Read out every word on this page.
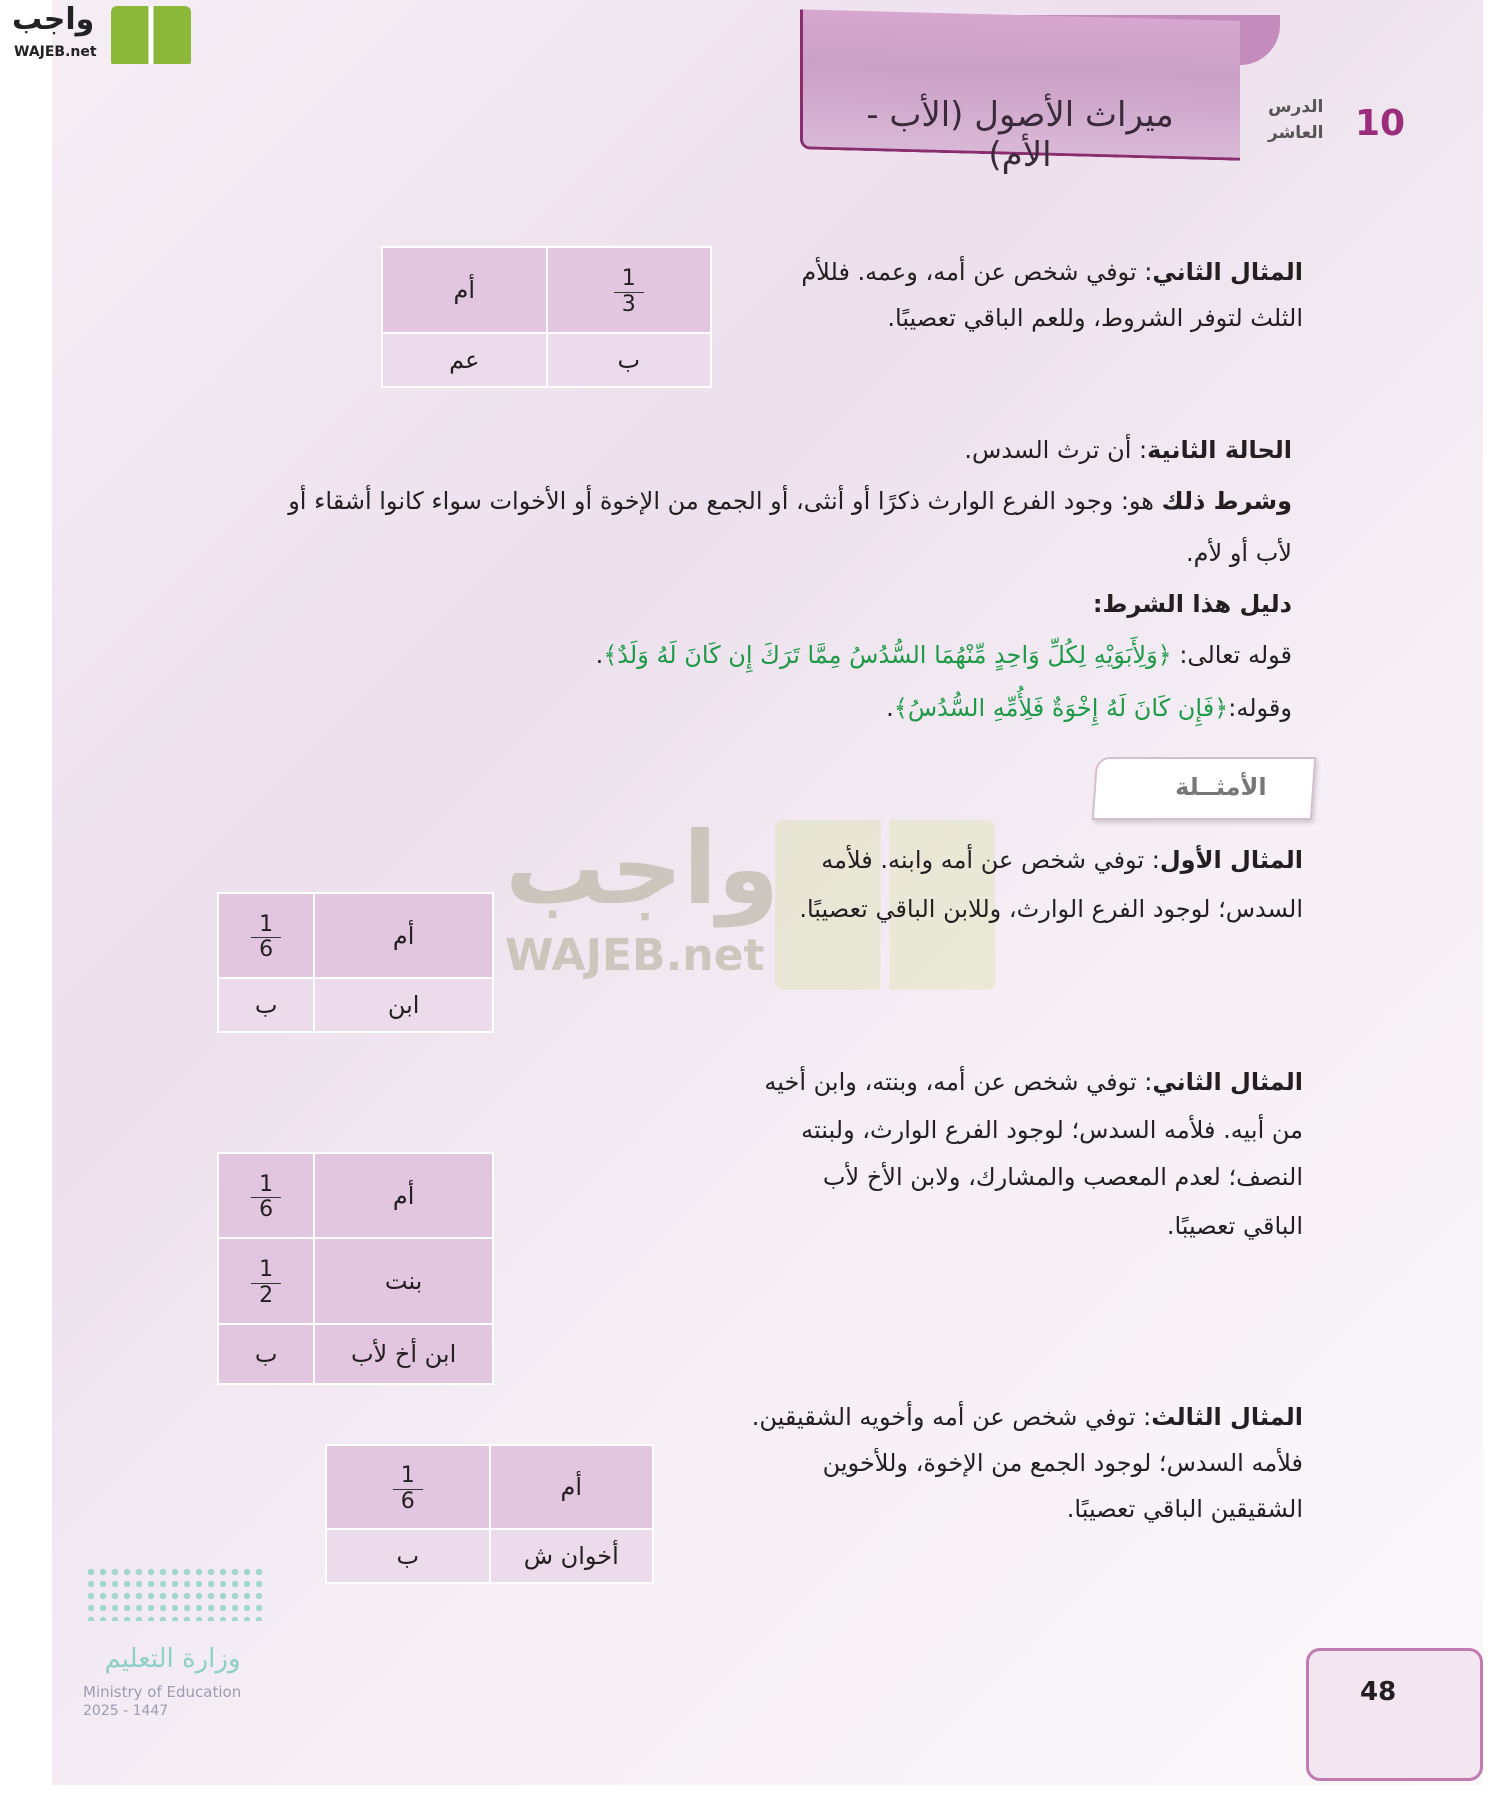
واجب
WAJEB.net
واجب
WAJEB.net
ميراث الأصول (الأب - الأم)
10
الدرس
العاشر
المثال الثاني: توفي شخص عن أمه، وعمه. فللأم
الثلث لتوفر الشروط، وللعم الباقي تعصيبًا.
أم	$\frac{1}{3}$

عم	ب
الحالة الثانية: أن ترث السدس.
وشرط ذلك هو: وجود الفرع الوارث ذكرًا أو أنثى، أو الجمع من الإخوة أو الأخوات سواء كانوا أشقاء أو
لأب أو لأم.
دليل هذا الشرط:
قوله تعالى: ﴿وَلِأَبَوَيْهِ لِكُلِّ وَاحِدٍ مِّنْهُمَا السُّدُسُ مِمَّا تَرَكَ إِن كَانَ لَهُ وَلَدٌ﴾.
وقوله:﴿فَإِن كَانَ لَهُ إِخْوَةٌ فَلِأُمِّهِ السُّدُسُ﴾.
الأمثــلة
المثال الأول: توفي شخص عن أمه وابنه. فلأمه
السدس؛ لوجود الفرع الوارث، وللابن الباقي تعصيبًا.
$\frac{1}{6}$	أم
ب	ابن
المثال الثاني: توفي شخص عن أمه، وبنته، وابن أخيه
من أبيه. فلأمه السدس؛ لوجود الفرع الوارث، ولبنته
النصف؛ لعدم المعصب والمشارك، ولابن الأخ لأب
الباقي تعصيبًا.
$\frac{1}{6}$	أم

$\frac{1}{2}$	بنت
ب	ابن أخ لأب
المثال الثالث: توفي شخص عن أمه وأخويه الشقيقين.
فلأمه السدس؛ لوجود الجمع من الإخوة، وللأخوين
الشقيقين الباقي تعصيبًا.
$\frac{1}{6}$	أم
ب	أخوان ش
وزارة التعليم
Ministry of Education
2025 - 1447
48
